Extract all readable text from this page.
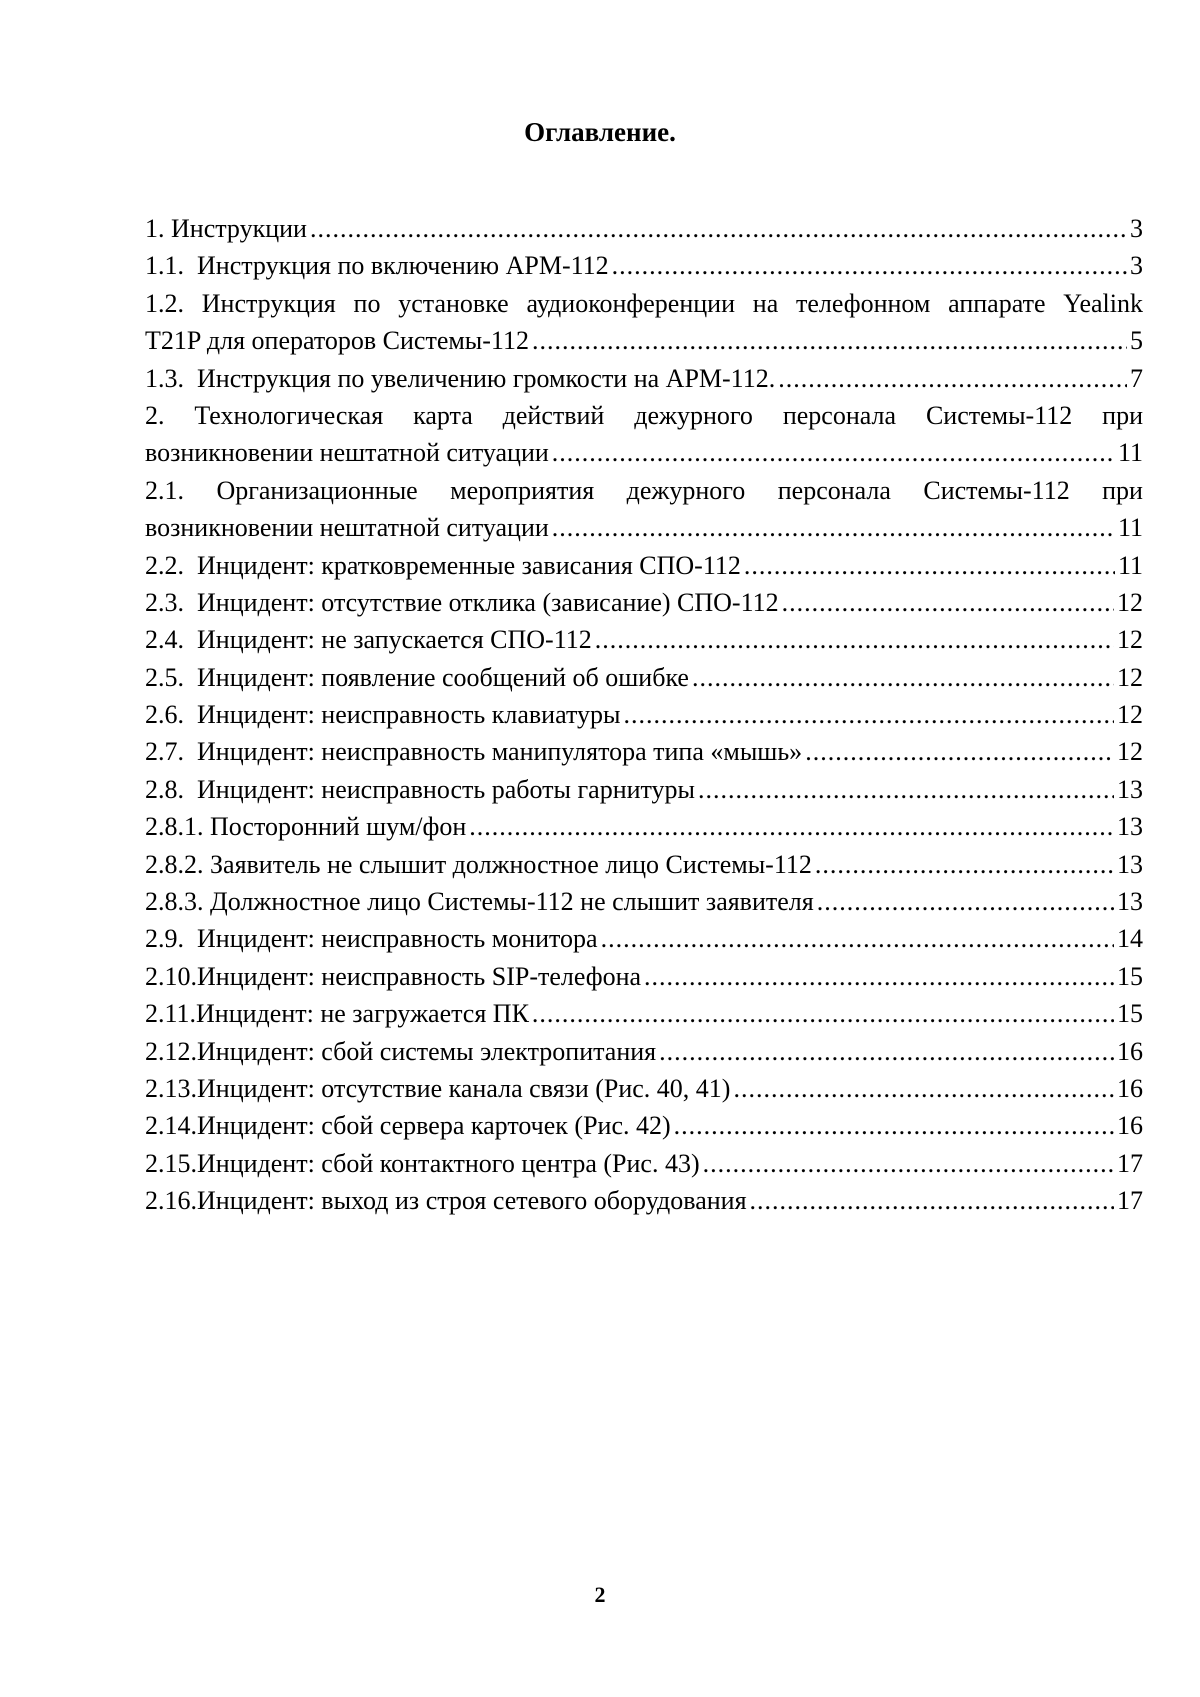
Оглавление.
1. Инструкции .....	3
1.1.  Инструкция по включению АРМ-112 .....	3
1.2. Инструкция по установке аудиоконференции на телефонном аппарате Yealink
T21P для операторов Системы-112 .....	5
1.3.  Инструкция по увеличению громкости на АРМ-112. .....	7
2. Технологическая карта действий дежурного персонала Системы-112 при
возникновении нештатной ситуации .....	11
2.1. Организационные мероприятия дежурного персонала Системы-112 при
возникновении нештатной ситуации .....	11
2.2.  Инцидент: кратковременные зависания СПО-112 .....	11
2.3.  Инцидент: отсутствие отклика (зависание) СПО-112 .....	12
2.4.  Инцидент: не запускается СПО-112 .....	12
2.5.  Инцидент: появление сообщений об ошибке .....	12
2.6.  Инцидент: неисправность клавиатуры .....	12
2.7.  Инцидент: неисправность манипулятора типа «мышь» .....	12
2.8.  Инцидент: неисправность работы гарнитуры .....	13
2.8.1. Посторонний шум/фон .....	13
2.8.2. Заявитель не слышит должностное лицо Системы-112 .....	13
2.8.3. Должностное лицо Системы-112 не слышит заявителя .....	13
2.9.  Инцидент: неисправность монитора .....	14
2.10.Инцидент: неисправность SIP-телефона .....	15
2.11.Инцидент: не загружается ПК .....	15
2.12.Инцидент: сбой системы электропитания .....	16
2.13.Инцидент: отсутствие канала связи (Рис. 40, 41) .....	16
2.14.Инцидент: сбой сервера карточек (Рис. 42) .....	16
2.15.Инцидент: сбой контактного центра (Рис. 43) .....	17
2.16.Инцидент: выход из строя сетевого оборудования .....	17
2
